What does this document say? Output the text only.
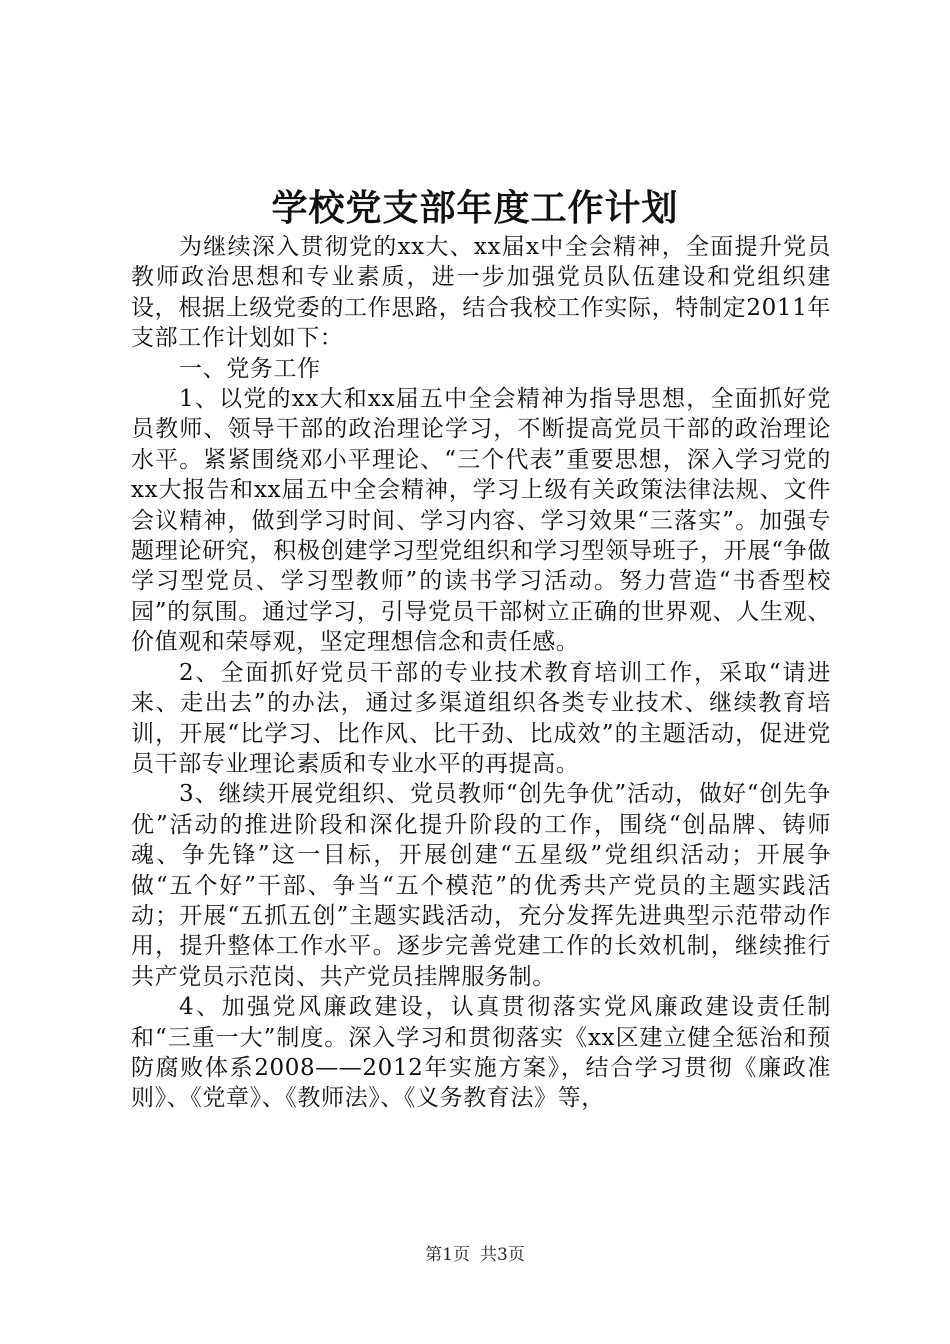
学校党支部年度工作计划

为继续深入贯彻党的xx大、xx届x中全会精神，全面提升党员教师政治思想和专业素质，进一步加强党员队伍建设和党组织建设，根据上级党委的工作思路，结合我校工作实际，特制定2011年支部工作计划如下：

一、党务工作

1、以党的xx大和xx届五中全会精神为指导思想，全面抓好党员教师、领导干部的政治理论学习，不断提高党员干部的政治理论水平。紧紧围绕邓小平理论、“三个代表”重要思想，深入学习党的xx大报告和xx届五中全会精神，学习上级有关政策法律法规、文件会议精神，做到学习时间、学习内容、学习效果“三落实”。加强专题理论研究，积极创建学习型党组织和学习型领导班子，开展“争做学习型党员、学习型教师”的读书学习活动。努力营造“书香型校园”的氛围。通过学习，引导党员干部树立正确的世界观、人生观、价值观和荣辱观，坚定理想信念和责任感。

2、全面抓好党员干部的专业技术教育培训工作，采取“请进来、走出去”的办法，通过多渠道组织各类专业技术、继续教育培训，开展“比学习、比作风、比干劲、比成效”的主题活动，促进党员干部专业理论素质和专业水平的再提高。

3、继续开展党组织、党员教师“创先争优”活动，做好“创先争优”活动的推进阶段和深化提升阶段的工作，围绕“创品牌、铸师魂、争先锋”这一目标，开展创建“五星级”党组织活动；开展争做“五个好”干部、争当“五个模范”的优秀共产党员的主题实践活动；开展“五抓五创”主题实践活动，充分发挥先进典型示范带动作用，提升整体工作水平。逐步完善党建工作的长效机制，继续推行共产党员示范岗、共产党员挂牌服务制。

4、加强党风廉政建设，认真贯彻落实党风廉政建设责任制和“三重一大”制度。深入学习和贯彻落实《xx区建立健全惩治和预防腐败体系2008——2012年实施方案》，结合学习贯彻《廉政准则》、《党章》、《教师法》、《义务教育法》等，

第1页 共3页
